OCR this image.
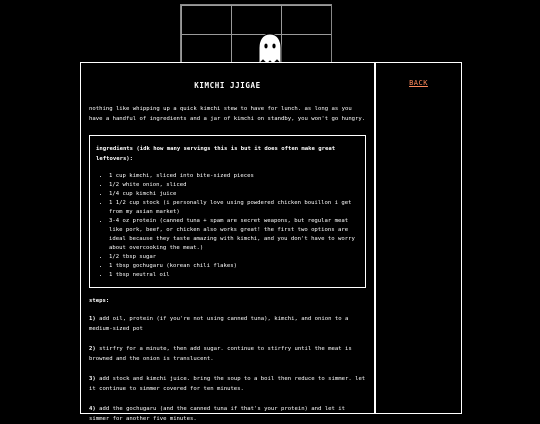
KIMCHI JJIGAE
nothing like whipping up a quick kimchi stew to have for lunch. as long as you have a handful of ingredients and a jar of kimchi on standby, you won't go hungry.
ingredients (idk how many servings this is but it does often make great leftovers):
• 1 cup kimchi, sliced into bite-sized pieces
• 1/2 white onion, sliced
• 1/4 cup kimchi juice
• 1 1/2 cup stock (i personally love using powdered chicken bouillon i get from my asian market)
• 3-4 oz protein (canned tuna + spam are secret weapons, but regular meat like pork, beef, or chicken also works great! the first two options are ideal because they taste amazing with kimchi, and you don't have to worry about overcooking the meat.)
• 1/2 tbsp sugar
• 1 tbsp gochugaru (korean chili flakes)
• 1 tbsp neutral oil
steps:
1) add oil, protein (if you're not using canned tuna), kimchi, and onion to a medium-sized pot
2) stirfry for a minute, then add sugar. continue to stirfry until the meat is browned and the onion is translucent.
3) add stock and kimchi juice. bring the soup to a boil then reduce to simmer. let it continue to simmer covered for ten minutes.
4) add the gochugaru (and the canned tuna if that's your protein) and let it simmer for another five minutes.
BACK
